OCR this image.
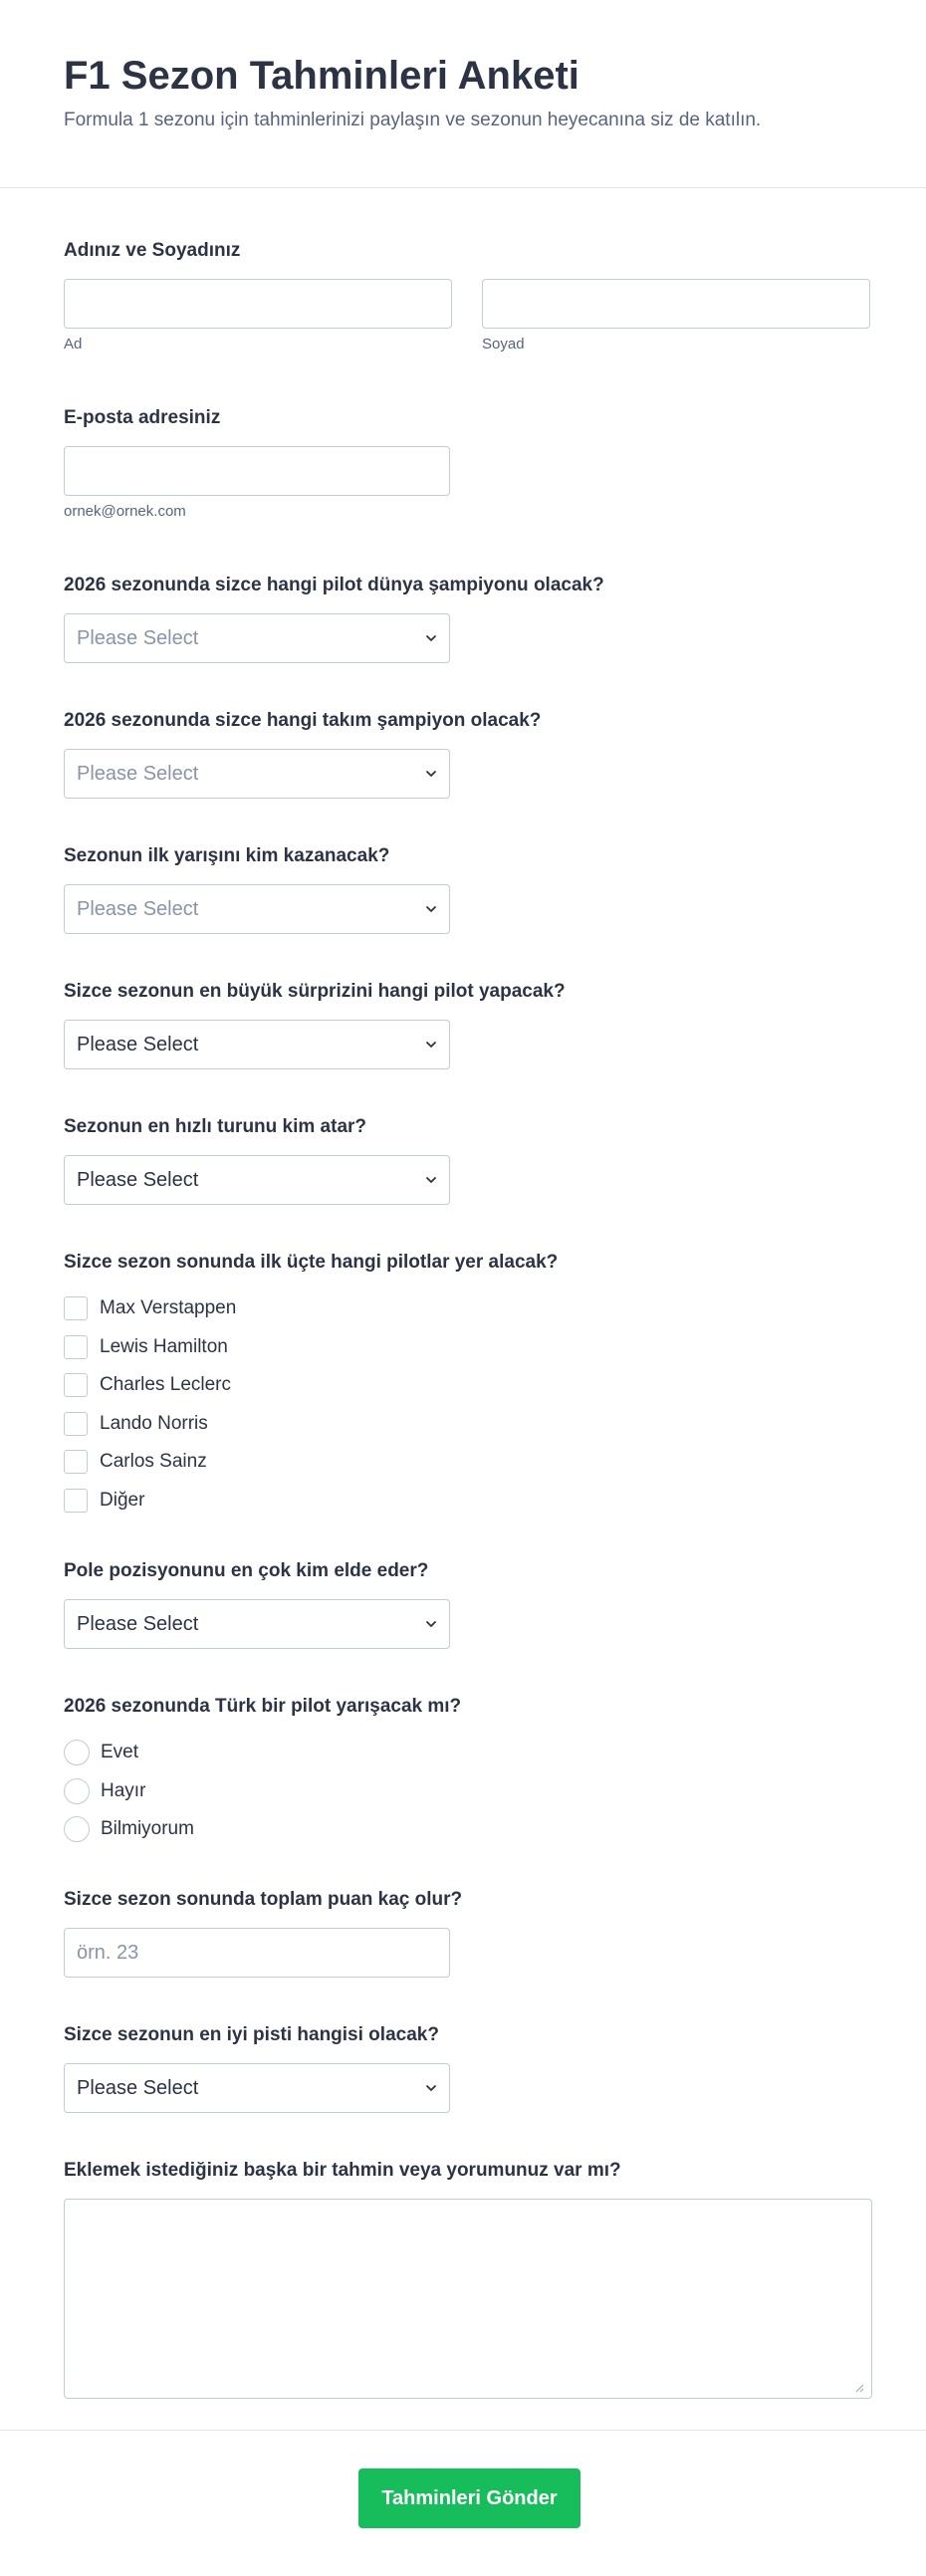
F1 Sezon Tahminleri Anketi

Formula 1 sezonu için tahminlerinizi paylaşın ve sezonun heyecanına siz de katılın.

Adınız ve Soyadınız
Ad	Soyad
E-posta adresiniz
ornek@ornek.com
2026 sezonunda sizce hangi pilot dünya şampiyonu olacak?
Please Select
2026 sezonunda sizce hangi takım şampiyon olacak?
Please Select
Sezonun ilk yarışını kim kazanacak?
Please Select
Sizce sezonun en büyük sürprizini hangi pilot yapacak?
Please Select
Sezonun en hızlı turunu kim atar?
Please Select
Sizce sezon sonunda ilk üçte hangi pilotlar yer alacak?
Max Verstappen
Lewis Hamilton
Charles Leclerc
Lando Norris
Carlos Sainz
Diğer
Pole pozisyonunu en çok kim elde eder?
Please Select
2026 sezonunda Türk bir pilot yarışacak mı?
Evet
Hayır
Bilmiyorum
Sizce sezon sonunda toplam puan kaç olur?
örn. 23
Sizce sezonun en iyi pisti hangisi olacak?
Please Select
Eklemek istediğiniz başka bir tahmin veya yorumunuz var mı?
Tahminleri Gönder
